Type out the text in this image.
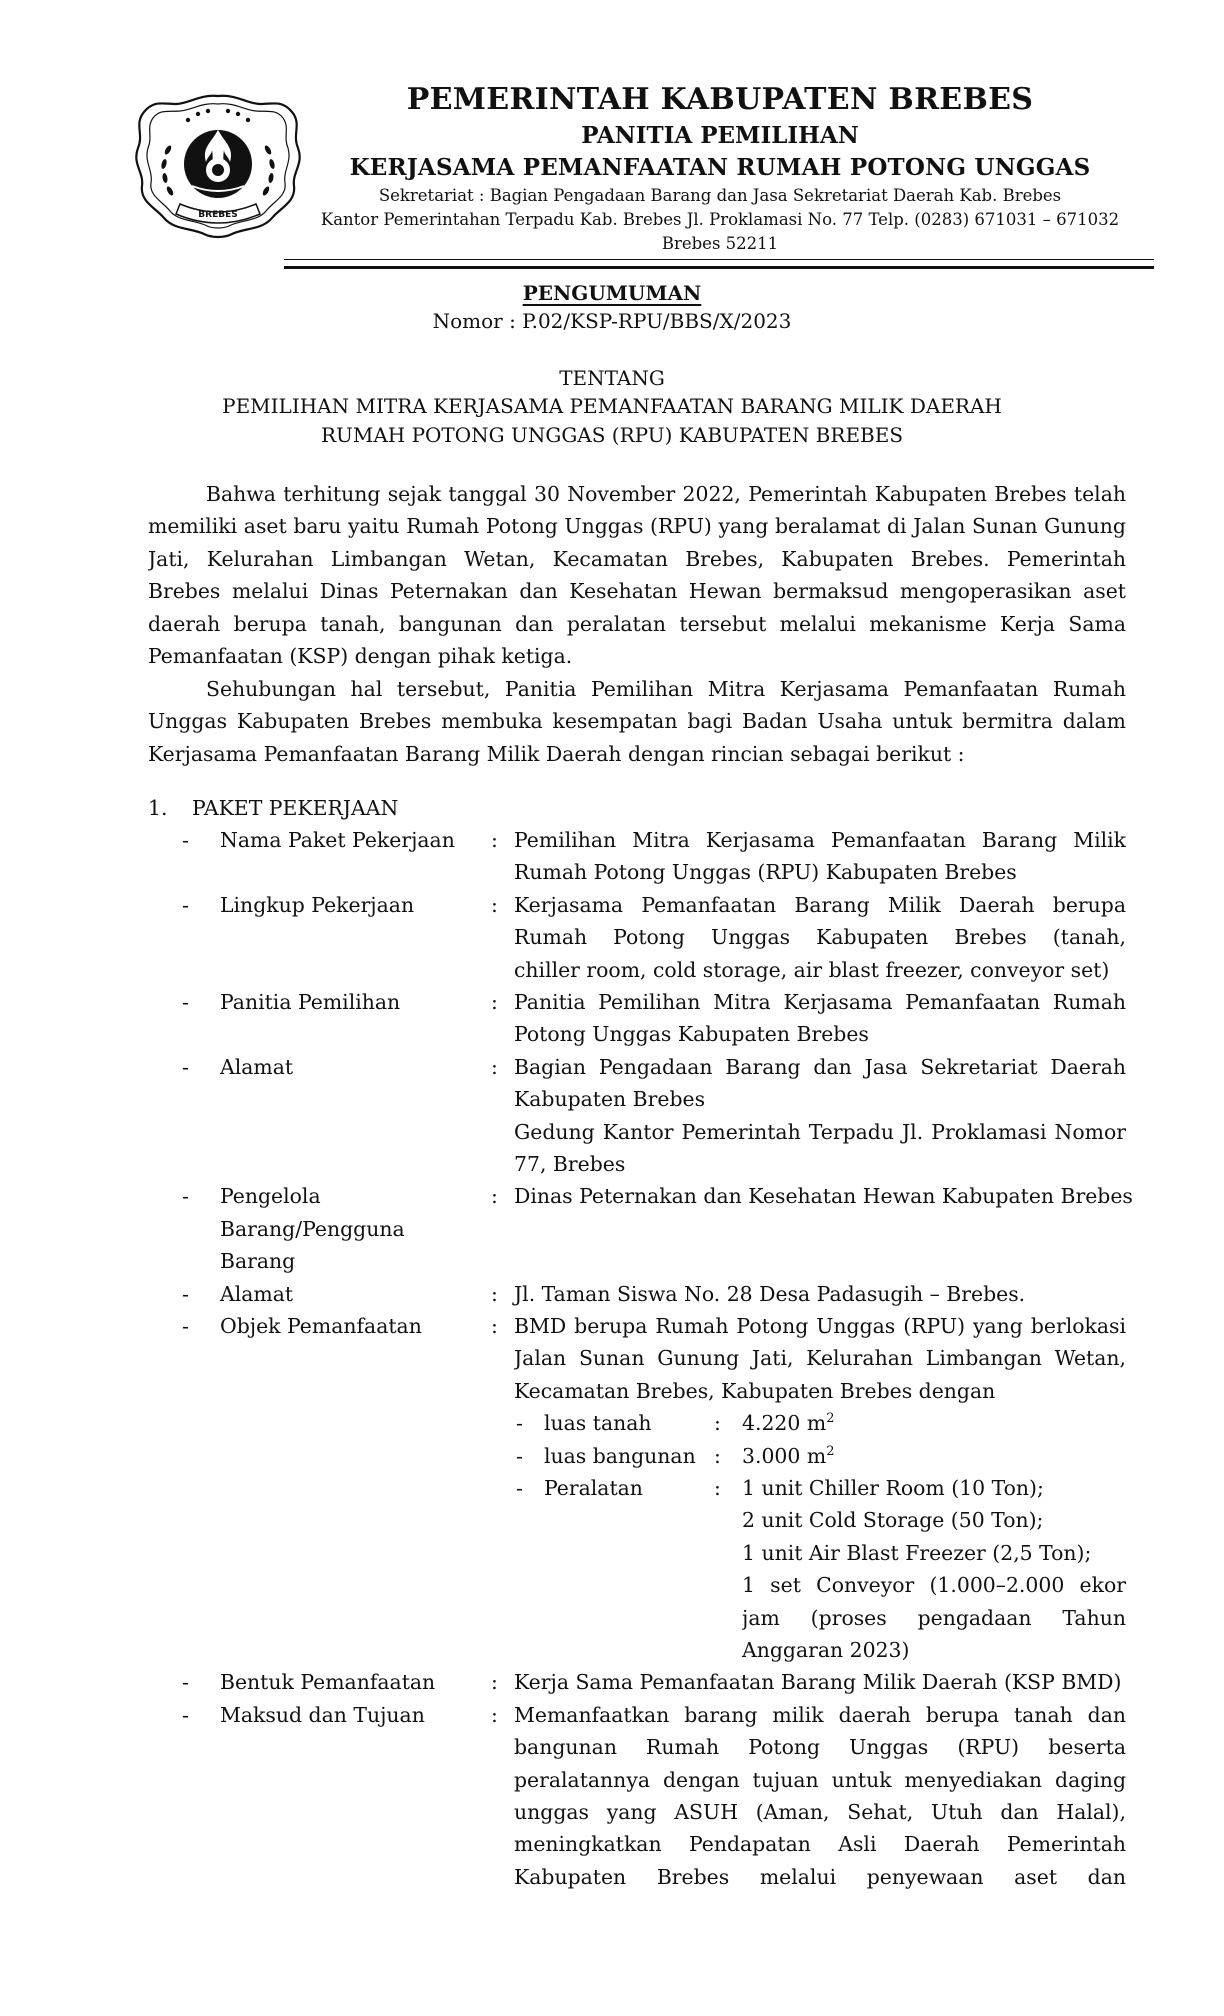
BREBES
PEMERINTAH KABUPATEN BREBES
PANITIA PEMILIHAN
KERJASAMA PEMANFAATAN RUMAH POTONG UNGGAS
Sekretariat : Bagian Pengadaan Barang dan Jasa Sekretariat Daerah Kab. Brebes
Kantor Pemerintahan Terpadu Kab. Brebes Jl. Proklamasi No. 77 Telp. (0283) 671031 – 671032
Brebes 52211
PENGUMUMAN
Nomor : P.02/KSP-RPU/BBS/X/2023
TENTANG
PEMILIHAN MITRA KERJASAMA PEMANFAATAN BARANG MILIK DAERAH
RUMAH POTONG UNGGAS (RPU) KABUPATEN BREBES
Bahwa terhitung sejak tanggal 30 November 2022, Pemerintah Kabupaten Brebes telah
memiliki aset baru yaitu Rumah Potong Unggas (RPU) yang beralamat di Jalan Sunan Gunung
Jati, Kelurahan Limbangan Wetan, Kecamatan Brebes, Kabupaten Brebes. Pemerintah
Brebes melalui Dinas Peternakan dan Kesehatan Hewan bermaksud mengoperasikan aset
daerah berupa tanah, bangunan dan peralatan tersebut melalui mekanisme Kerja Sama
Pemanfaatan (KSP) dengan pihak ketiga.
Sehubungan hal tersebut, Panitia Pemilihan Mitra Kerjasama Pemanfaatan Rumah
Unggas Kabupaten Brebes membuka kesempatan bagi Badan Usaha untuk bermitra dalam
Kerjasama Pemanfaatan Barang Milik Daerah dengan rincian sebagai berikut :
1. PAKET PEKERJAAN
- Nama Paket Pekerjaan	: Pemilihan Mitra Kerjasama Pemanfaatan Barang Milik
Rumah Potong Unggas (RPU) Kabupaten Brebes
- Lingkup Pekerjaan	: Kerjasama Pemanfaatan Barang Milik Daerah berupa
Rumah Potong Unggas Kabupaten Brebes (tanah,
chiller room, cold storage, air blast freezer, conveyor set)
- Panitia Pemilihan	: Panitia Pemilihan Mitra Kerjasama Pemanfaatan Rumah
Potong Unggas Kabupaten Brebes
- Alamat	: Bagian Pengadaan Barang dan Jasa Sekretariat Daerah
Kabupaten Brebes
Gedung Kantor Pemerintah Terpadu Jl. Proklamasi Nomor
77, Brebes
- Pengelola
Barang/Pengguna
Barang
: Dinas Peternakan dan Kesehatan Hewan Kabupaten Brebes
- Alamat	: Jl. Taman Siswa No. 28 Desa Padasugih – Brebes.
- Objek Pemanfaatan	: BMD berupa Rumah Potong Unggas (RPU) yang berlokasi
Jalan Sunan Gunung Jati, Kelurahan Limbangan Wetan,
Kecamatan Brebes, Kabupaten Brebes dengan
- luas tanah	: 4.220 $m^2$
- luas bangunan : 3.000 $m^2$
- Peralatan	: 1 unit Chiller Room (10 Ton);
2 unit Cold Storage (50 Ton);
1 unit Air Blast Freezer (2,5 Ton);
1 set Conveyor (1.000–2.000 ekor
jam (proses pengadaan Tahun
Anggaran 2023)
- Bentuk Pemanfaatan	: Kerja Sama Pemanfaatan Barang Milik Daerah (KSP BMD)
- Maksud dan Tujuan	: Memanfaatkan barang milik daerah berupa tanah dan
bangunan Rumah Potong Unggas (RPU) beserta
peralatannya dengan tujuan untuk menyediakan daging
unggas yang ASUH (Aman, Sehat, Utuh dan Halal),
meningkatkan Pendapatan Asli Daerah Pemerintah
Kabupaten Brebes melalui penyewaan aset dan
